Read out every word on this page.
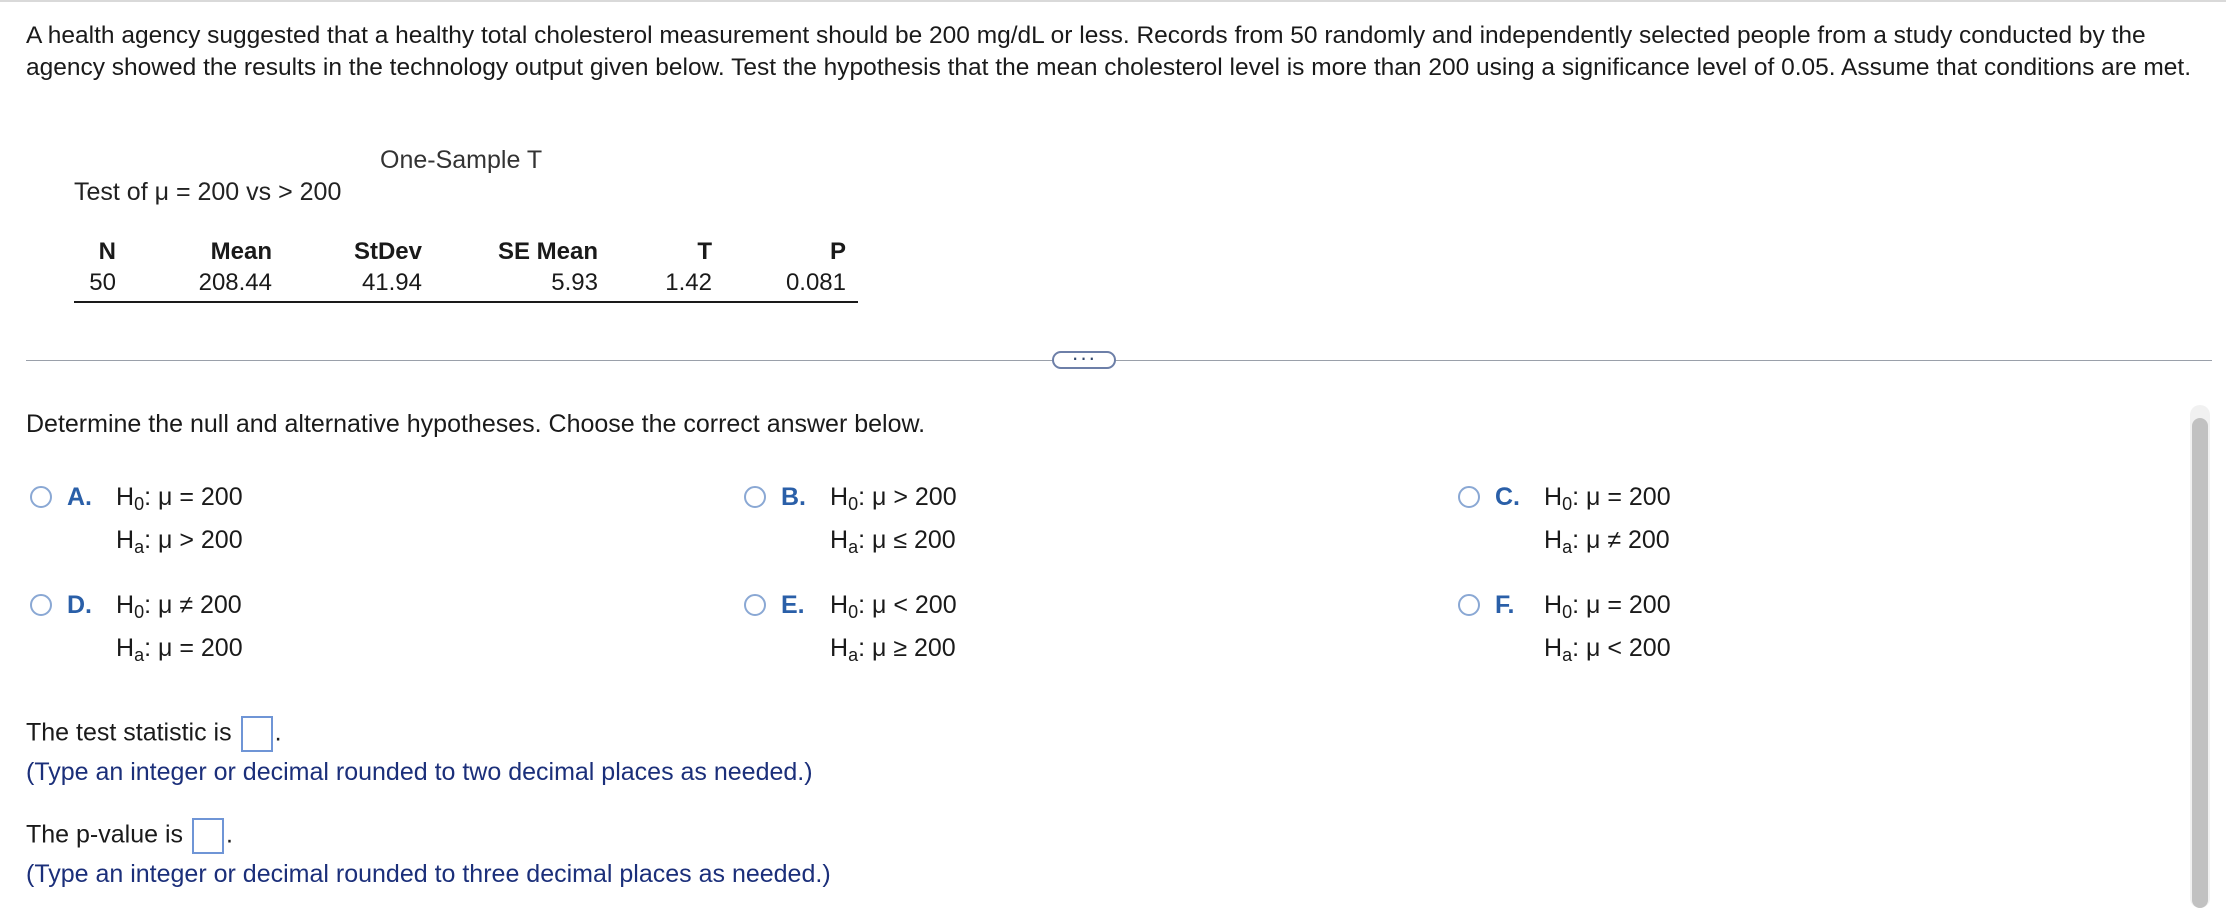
A health agency suggested that a healthy total cholesterol measurement should be 200 mg/dL or less. Records from 50 randomly and independently selected people from a study conducted by the agency showed the results in the technology output given below. Test the hypothesis that the mean cholesterol level is more than 200 using a significance level of 0.05. Assume that conditions are met.

One-Sample T
Test of μ = 200 vs > 200
N
50
Mean
208.44
StDev
41.94
SE Mean
5.93
T
1.42
P
0.081
···
Determine the null and alternative hypotheses. Choose the correct answer below.
A. $H_0$: μ = 200
$H_a$: μ > 200
B. $H_0$: μ > 200
$H_a$: μ ≤ 200
C. $H_0$: μ = 200
$H_a$: μ ≠ 200
D. $H_0$: μ ≠ 200
$H_a$: μ = 200
E. $H_0$: μ < 200
$H_a$: μ ≥ 200
F. $H_0$: μ = 200
$H_a$: μ < 200
The test statistic is .
(Type an integer or decimal rounded to two decimal places as needed.)
The p-value is .
(Type an integer or decimal rounded to three decimal places as needed.)
